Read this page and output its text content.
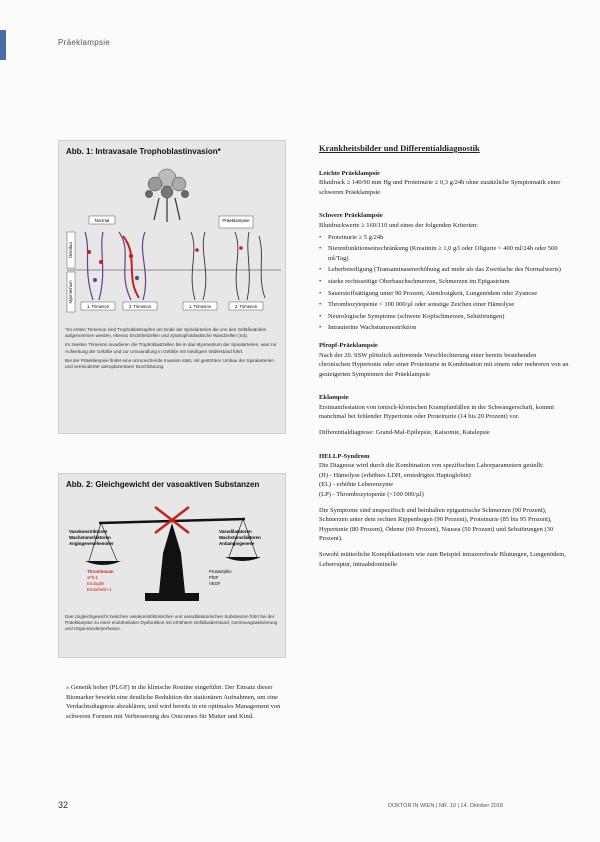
Präeklampsie
Abb. 1: Intravasale Trophoblastinvasion*
Normal	Präeklampsie
Dezidua
Myometrium
1. Trimenon	2. Trimenon	1. Trimenon	2. Trimenon

*Im ersten Trimenon sind Trophoblastzapfen am Ende der Spiralarterien die von den Gefäßwänden aufgenommen werden, ebenso Endothelzellen und zytotrophoblastische Wandzellen (rot).

Im zweiten Trimenon invadieren die Trophoblastzellen bis in das Myometrium der Spiralarterien, was zur Aufweitung der Gefäße und zur Umwandlung in Gefäße mit niedrigem Widerstand führt.

Bei der Präeklampsie findet eine unzureichende Invasion statt, mit gestörtem Umbau der Spiralarterien und verminderter uteroplazentarer Durchblutung.

Abb. 2: Gleichgewicht der vasoaktiven Substanzen
Vasokonstriktoren
Wachstumsfaktoren
Angiogenesehemmer
Vasodilatatoren
Wachstumsfaktoren
Antiangiogenese
Thromboxan
sFlt-1
Endoglin
Endothelin-1
Prostazyklin
PlGF
VEGF

Das Ungleichgewicht zwischen vasokonstriktorischen und vasodilatatorischen Substanzen führt bei der Präeklampsie zu einer endothelialen Dysfunktion mit erhöhtem Gefäßwiderstand, Gerinnungsaktivierung und Organminderperfusion.

» Genetik hoher (PLGF) in die klinische Routine eingeführt. Der Einsatz dieser Biomarker bewirkt eine deutliche Reduktion der stationären Aufnahmen, um eine Verdachtsdiagnose abzuklären, und wird bereits in ein optimales Management von schweren Formen mit Verbesserung des Outcomes für Mutter und Kind.

Krankheitsbilder und Differentialdiagnostik
Leichte Präeklampsie

Blutdruck ≥ 140/90 mm Hg und Proteinurie ≥ 0,3 g/24h ohne zusätzliche Symptomatik einer schweren Präeklampsie

Schwere Präeklampsie

Blutdruckwerte ≥ 160/110 und eines der folgenden Kriterien:

• Proteinurie ≥ 5 g/24h
• Nierenfunktionseinschränkung (Kreatinin ≥ 1,0 g/l oder Oligurie < 400 ml/24h oder 500 ml/Tag)
• Leberbeteiligung (Transaminasenerhöhung auf mehr als das Zweifache des Normalwerts)
• starke rechtsseitige Oberbauchschmerzen, Schmerzen im Epigastrium
• Sauerstoffsättigung unter 90 Prozent, Atemlosigkeit, Lungenödem oder Zyanose
• Thrombozytopenie < 100 000/µl oder sonstige Zeichen einer Hämolyse
• Neurologische Symptome (schwere Kopfschmerzen, Sehstörungen)
• Intrauterine Wachstumsrestriktion
Pfropf-Präeklampsie

Nach der 20. SSW plötzlich auftretende Verschlechterung einer bereits bestehenden chronischen Hypertonie oder einer Proteinurie in Kombination mit einem oder mehreren von an gesteigerten Symptomen der Präeklampsie

Eklampsie

Erstmanifestation von tonisch-klonischen Krampfanfällen in der Schwangerschaft, kommt manchmal bei fehlender Hypertonie oder Proteinurie (14 bis 20 Prozent) vor.

Differentialdiagnose: Grand-Mal-Epilepsie, Kaisomie, Katalepsie

HELLP-Syndrom

Die Diagnose wird durch die Kombination von spezifischen Laborparametern gestellt:
(H) - Hämolyse (erhöhtes LDH, erniedrigtes Haptoglobin)
(EL) - erhöhte Leberenzyme
(LP) - Thrombozytopenie (<100 000/µl)

Die Symptome sind unspezifisch und beinhalten epigastrische Schmerzen (90 Prozent), Schmerzen unter dem rechten Rippenbogen (90 Prozent), Proteinurie (85 bis 95 Prozent), Hypertonie (80 Prozent), Ödeme (60 Prozent), Nausea (50 Prozent) und Sehstörungen (30 Prozent).

Sowohl mütterliche Komplikationen wie zum Beispiel intrazerebrale Blutungen, Lungenödem, Leberruptur, intraabdominelle

32	DOKTOR IN WIEN | NR. 10 | 14. Oktober 2018
